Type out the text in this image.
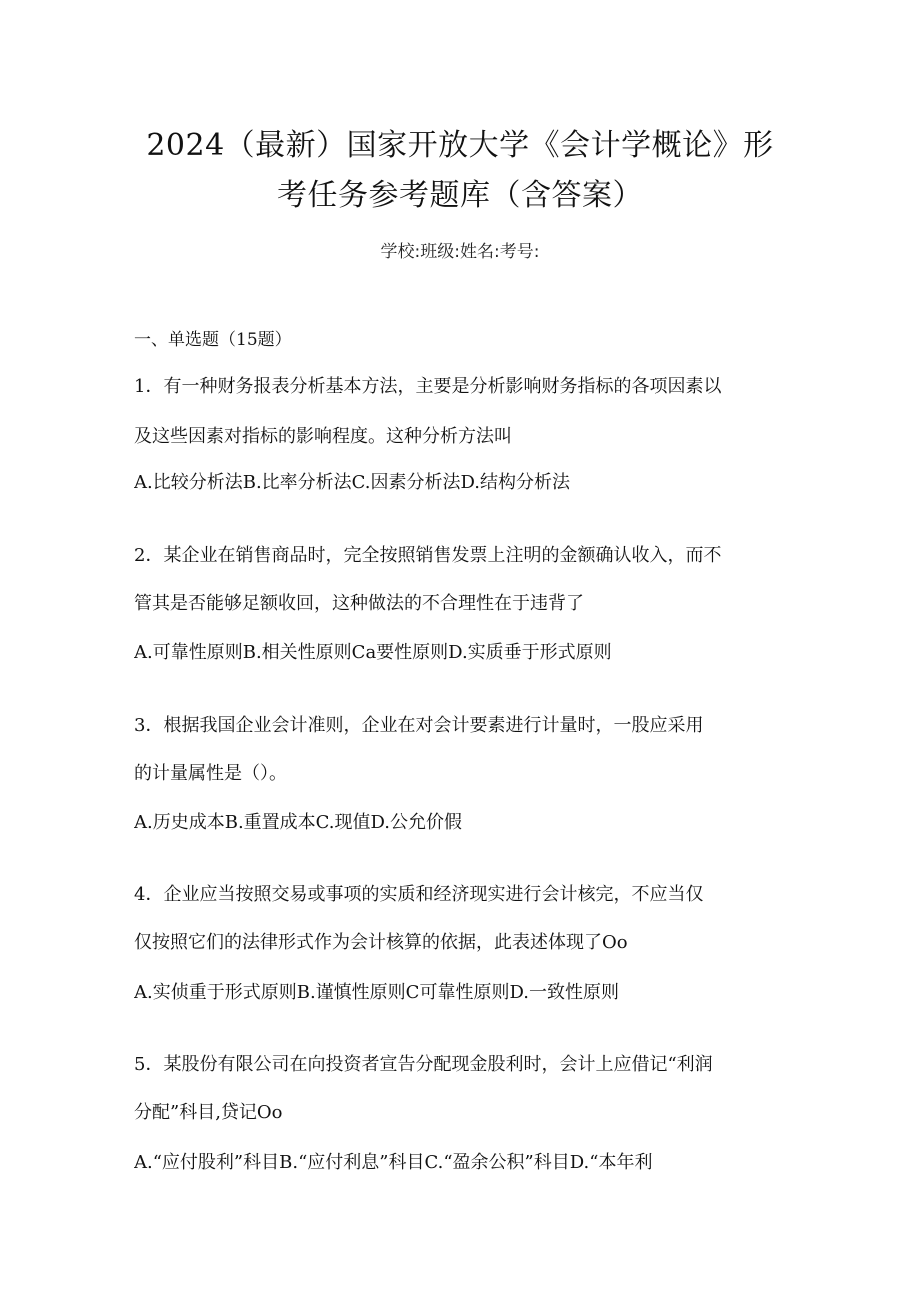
2024（最新）国家开放大学《会计学概论》形
考任务参考题库（含答案）
学校:班级:姓名:考号:
一、单选题（15题）
1．有一种财务报表分析基本方法，主要是分析影响财务指标的各项因素以
及这些因素对指标的影响程度。这种分析方法叫
A.比较分析法B.比率分析法C.因素分析法D.结构分析法
2．某企业在销售商品时，完全按照销售发票上注明的金额确认收入，而不
管其是否能够足额收回，这种做法的不合理性在于违背了
A.可靠性原则B.相关性原则Ca要性原则D.实质垂于形式原则
3．根据我国企业会计准则，企业在对会计要素进行计量时，一股应采用
的计量属性是（）。
A.历史成本B.重置成本C.现值D.公允价假
4．企业应当按照交易或事项的实质和经济现实进行会计核完，不应当仅
仅按照它们的法律形式作为会计核算的依据，此表述体现了Oo
A.实侦重于形式原则B.谨慎性原则C可靠性原则D.一致性原则
5．某股份有限公司在向投资者宣告分配现金股利时，会计上应借记“利润
分配”科目,贷记Oo
A.“应付股利”科目B.“应付利息”科目C.“盈余公积”科目D.“本年利
